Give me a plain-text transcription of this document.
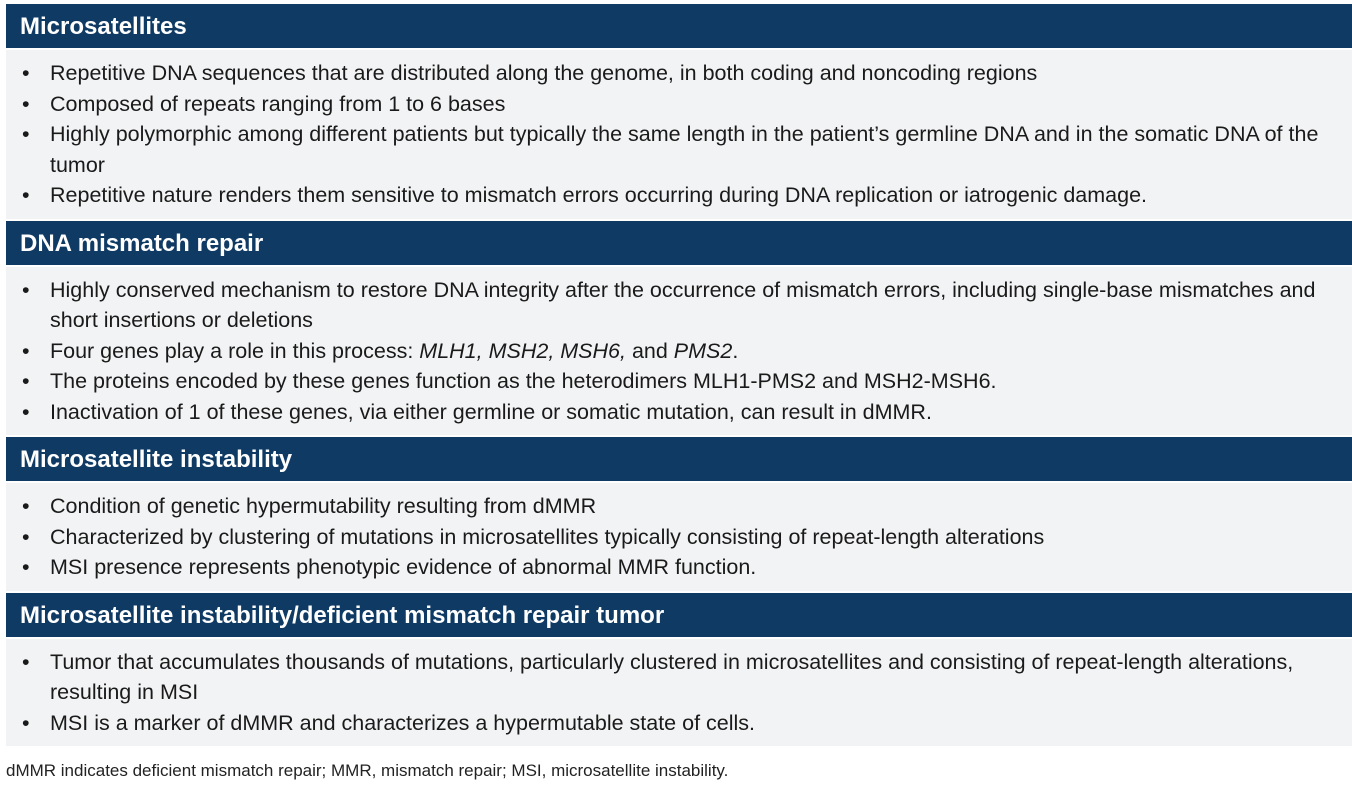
Microsatellites
• Repetitive DNA sequences that are distributed along the genome, in both coding and noncoding regions
• Composed of repeats ranging from 1 to 6 bases
• Highly polymorphic among different patients but typically the same length in the patient’s germline DNA and in the somatic DNA of the tumor
• Repetitive nature renders them sensitive to mismatch errors occurring during DNA replication or iatrogenic damage.
DNA mismatch repair
• Highly conserved mechanism to restore DNA integrity after the occurrence of mismatch errors, including single-base mismatches and short insertions or deletions
• Four genes play a role in this process: MLH1, MSH2, MSH6, and PMS2.
• The proteins encoded by these genes function as the heterodimers MLH1-PMS2 and MSH2-MSH6.
• Inactivation of 1 of these genes, via either germline or somatic mutation, can result in dMMR.
Microsatellite instability
• Condition of genetic hypermutability resulting from dMMR
• Characterized by clustering of mutations in microsatellites typically consisting of repeat-length alterations
• MSI presence represents phenotypic evidence of abnormal MMR function.
Microsatellite instability/deficient mismatch repair tumor
• Tumor that accumulates thousands of mutations, particularly clustered in microsatellites and consisting of repeat-length alterations, resulting in MSI
• MSI is a marker of dMMR and characterizes a hypermutable state of cells.
dMMR indicates deficient mismatch repair; MMR, mismatch repair; MSI, microsatellite instability.
